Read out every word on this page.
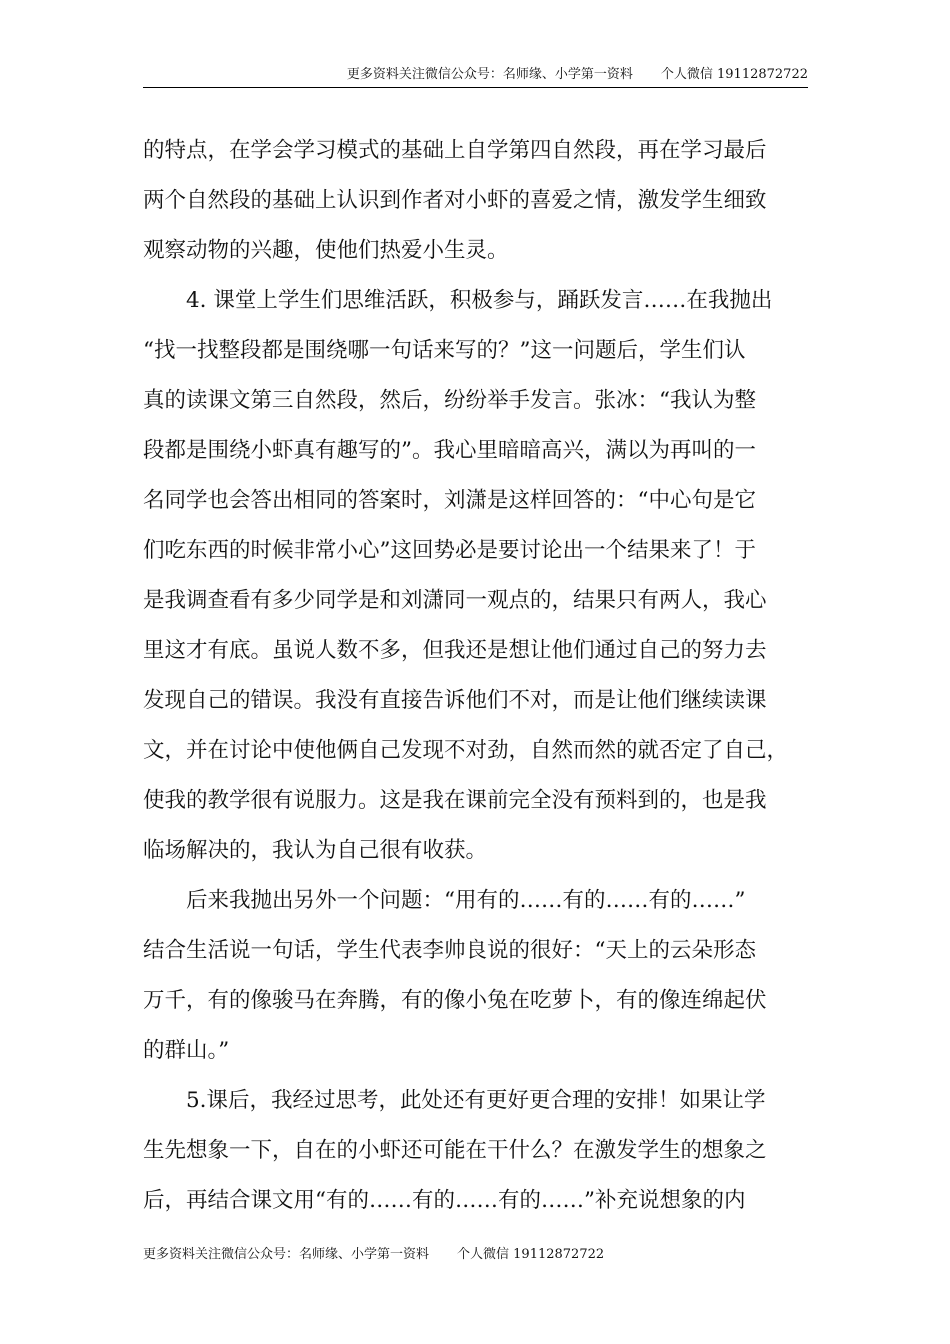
更多资料关注微信公众号：名师缘、小学第一资料 个人微信 19112872722
的特点，在学会学习模式的基础上自学第四自然段，再在学习最后
两个自然段的基础上认识到作者对小虾的喜爱之情，激发学生细致
观察动物的兴趣，使他们热爱小生灵。
4. 课堂上学生们思维活跃，积极参与，踊跃发言……在我抛出
“找一找整段都是围绕哪一句话来写的？”这一问题后，学生们认
真的读课文第三自然段，然后，纷纷举手发言。张冰：“我认为整
段都是围绕小虾真有趣写的”。我心里暗暗高兴，满以为再叫的一
名同学也会答出相同的答案时，刘潇是这样回答的：“中心句是它
们吃东西的时候非常小心”这回势必是要讨论出一个结果来了！于
是我调查看有多少同学是和刘潇同一观点的，结果只有两人，我心
里这才有底。虽说人数不多，但我还是想让他们通过自己的努力去
发现自己的错误。我没有直接告诉他们不对，而是让他们继续读课
文，并在讨论中使他俩自己发现不对劲，自然而然的就否定了自己，
使我的教学很有说服力。这是我在课前完全没有预料到的，也是我
临场解决的，我认为自己很有收获。
后来我抛出另外一个问题：“用有的……有的……有的……”
结合生活说一句话，学生代表李帅良说的很好：“天上的云朵形态
万千，有的像骏马在奔腾，有的像小兔在吃萝卜，有的像连绵起伏
的群山。”
5.课后，我经过思考，此处还有更好更合理的安排！如果让学
生先想象一下，自在的小虾还可能在干什么？在激发学生的想象之
后，再结合课文用“有的……有的……有的……”补充说想象的内
更多资料关注微信公众号：名师缘、小学第一资料 个人微信 19112872722
